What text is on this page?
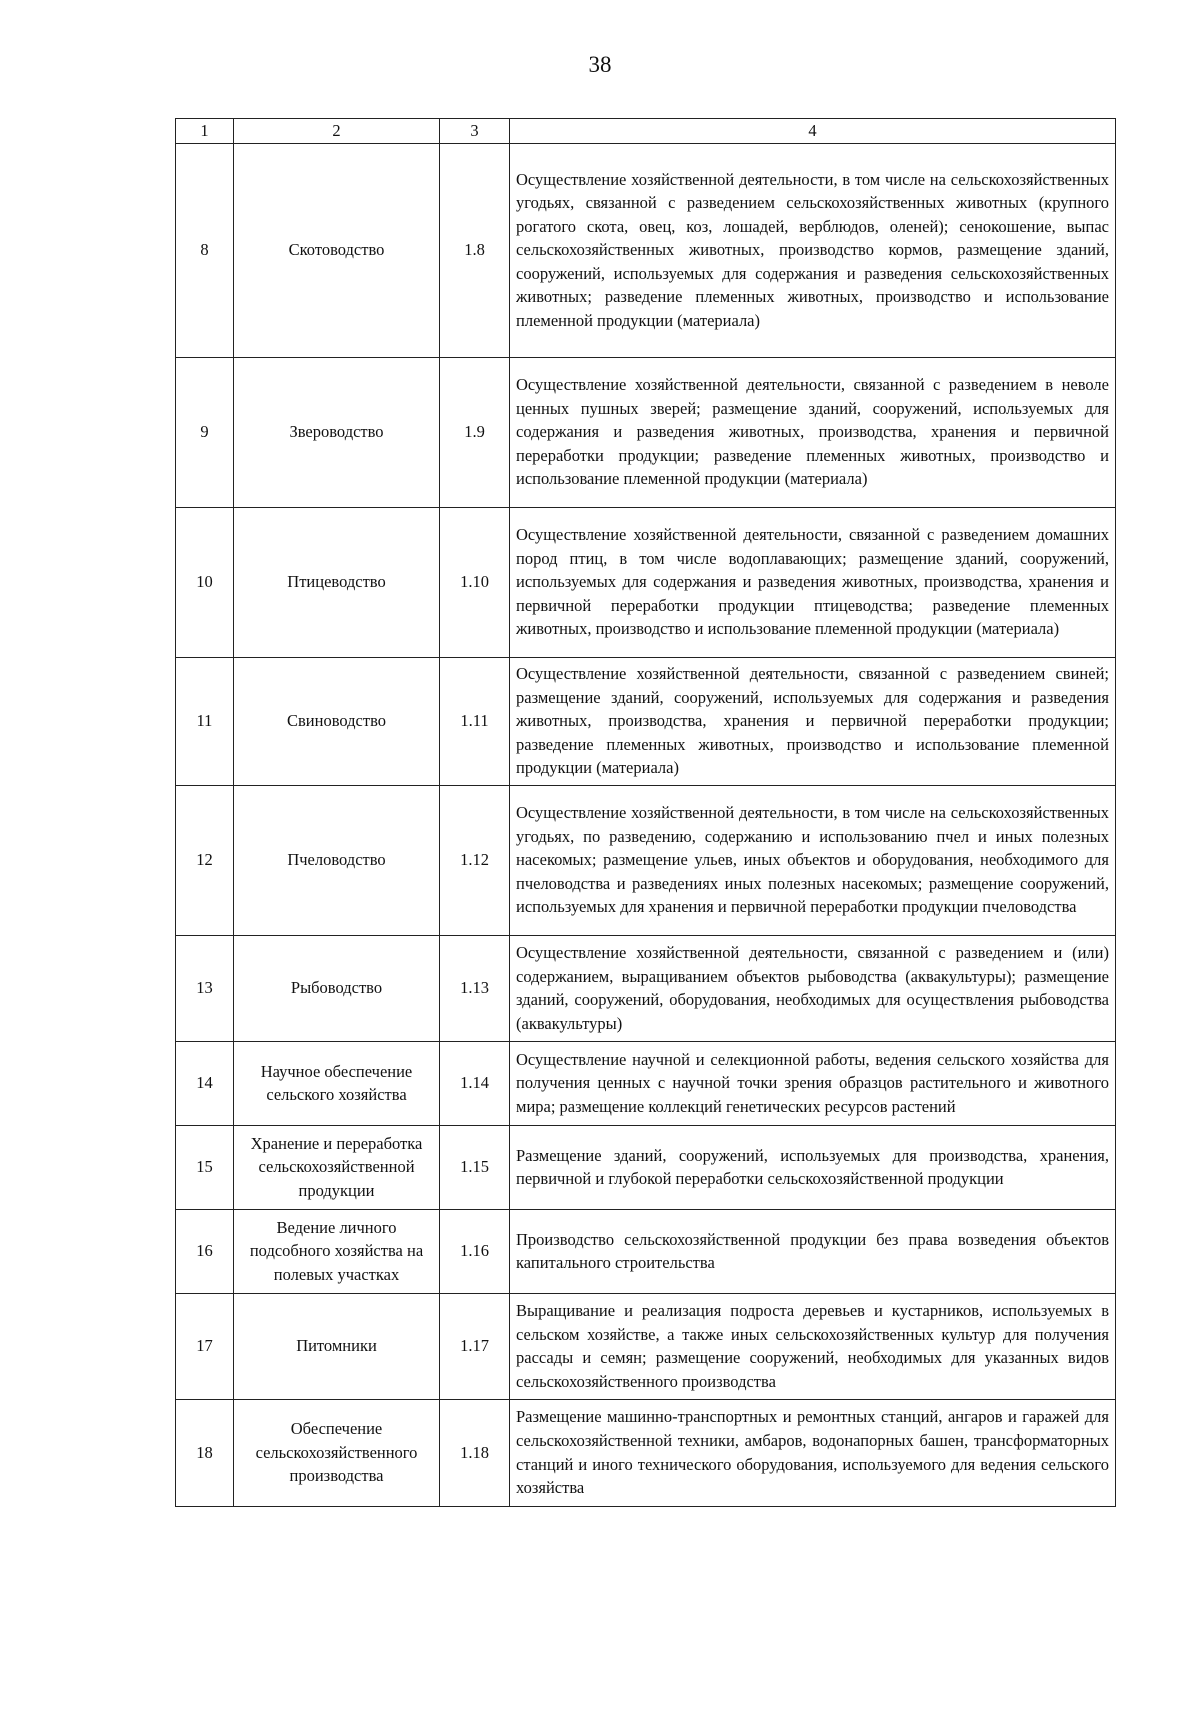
38
1	2	3	4
8	Скотоводство	1.8	Осуществление хозяйственной деятельности, в том числе на сельскохозяйственных угодьях, связанной с разведением сельскохозяйственных животных (крупного рогатого скота, овец, коз, лошадей, верблюдов, оленей); сенокошение, выпас сельскохозяйственных животных, производство кормов, размещение зданий, сооружений, используемых для содержания и разведения сельскохозяйственных животных; разведение племенных животных, производство и использование племенной продукции (материала)
9	Звероводство	1.9	Осуществление хозяйственной деятельности, связанной с разведением в неволе ценных пушных зверей; размещение зданий, сооружений, используемых для содержания и разведения животных, производства, хранения и первичной переработки продукции; разведение племенных животных, производство и использование племенной продукции (материала)
10	Птицеводство	1.10	Осуществление хозяйственной деятельности, связанной с разведением домашних пород птиц, в том числе водоплавающих; размещение зданий, сооружений, используемых для содержания и разведения животных, производства, хранения и первичной переработки продукции птицеводства; разведение племенных животных, производство и использование племенной продукции (материала)
11	Свиноводство	1.11	Осуществление хозяйственной деятельности, связанной с разведением свиней; размещение зданий, сооружений, используемых для содержания и разведения животных, производства, хранения и первичной переработки продукции; разведение племенных животных, производство и использование племенной продукции (материала)
12	Пчеловодство	1.12	Осуществление хозяйственной деятельности, в том числе на сельскохозяйственных угодьях, по разведению, содержанию и использованию пчел и иных полезных насекомых; размещение ульев, иных объектов и оборудования, необходимого для пчеловодства и разведениях иных полезных насекомых; размещение сооружений, используемых для хранения и первичной переработки продукции пчеловодства
13	Рыбоводство	1.13	Осуществление хозяйственной деятельности, связанной с разведением и (или) содержанием, выращиванием объектов рыбоводства (аквакультуры); размещение зданий, сооружений, оборудования, необходимых для осуществления рыбоводства (аквакультуры)
14	Научное обеспечение сельского хозяйства	1.14	Осуществление научной и селекционной работы, ведения сельского хозяйства для получения ценных с научной точки зрения образцов растительного и животного мира; размещение коллекций генетических ресурсов растений
15	Хранение и переработка сельскохозяйственной продукции	1.15	Размещение зданий, сооружений, используемых для производства, хранения, первичной и глубокой переработки сельскохозяйственной продукции
16	Ведение личного подсобного хозяйства на полевых участках	1.16	Производство сельскохозяйственной продукции без права возведения объектов капитального строительства
17	Питомники	1.17	Выращивание и реализация подроста деревьев и кустарников, используемых в сельском хозяйстве, а также иных сельскохозяйственных культур для получения рассады и семян; размещение сооружений, необходимых для указанных видов сельскохозяйственного производства
18	Обеспечение сельскохозяйственного производства	1.18	Размещение машинно-транспортных и ремонтных станций, ангаров и гаражей для сельскохозяйственной техники, амбаров, водонапорных башен, трансформаторных станций и иного технического оборудования, используемого для ведения сельского хозяйства
